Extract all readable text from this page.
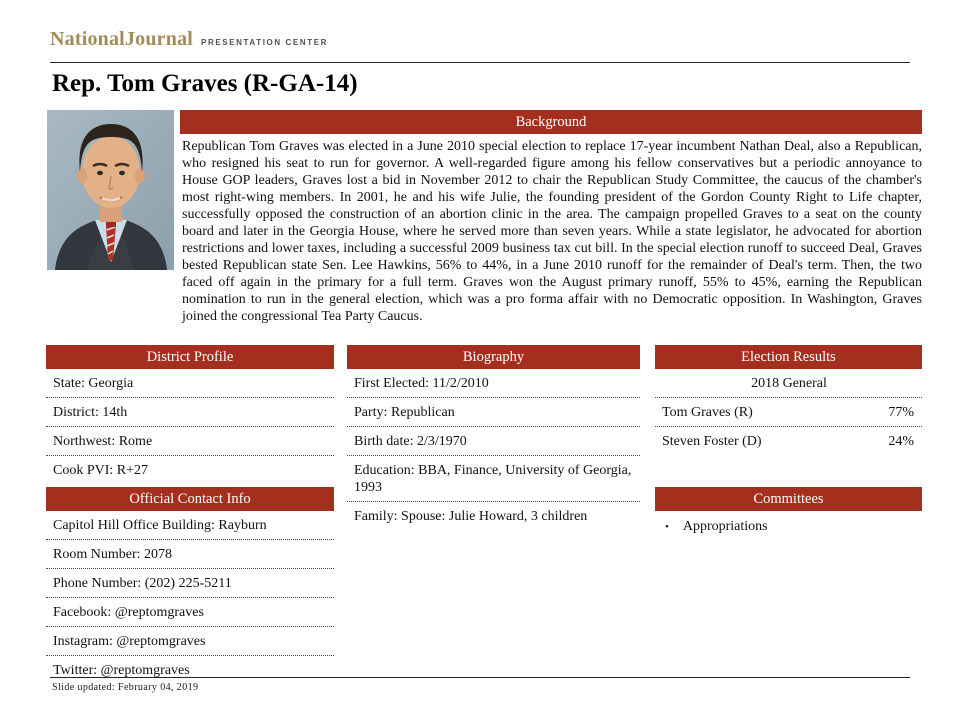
NationalJournal PRESENTATION CENTER
Rep. Tom Graves (R-GA-14)
Background

Republican Tom Graves was elected in a June 2010 special election to replace 17-year incumbent Nathan Deal, also a Republican, who resigned his seat to run for governor. A well-regarded figure among his fellow conservatives but a periodic annoyance to House GOP leaders, Graves lost a bid in November 2012 to chair the Republican Study Committee, the caucus of the chamber's most right-wing members. In 2001, he and his wife Julie, the founding president of the Gordon County Right to Life chapter, successfully opposed the construction of an abortion clinic in the area. The campaign propelled Graves to a seat on the county board and later in the Georgia House, where he served more than seven years. While a state legislator, he advocated for abortion restrictions and lower taxes, including a successful 2009 business tax cut bill. In the special election runoff to succeed Deal, Graves bested Republican state Sen. Lee Hawkins, 56% to 44%, in a June 2010 runoff for the remainder of Deal's term. Then, the two faced off again in the primary for a full term. Graves won the August primary runoff, 55% to 45%, earning the Republican nomination to run in the general election, which was a pro forma affair with no Democratic opposition. In Washington, Graves joined the congressional Tea Party Caucus.

District Profile
State: Georgia
District: 14th
Northwest: Rome
Cook PVI: R+27
Biography
First Elected: 11/2/2010
Party: Republican
Birth date: 2/3/1970
Education: BBA, Finance, University of Georgia, 1993
Family: Spouse: Julie Howard, 3 children
Election Results
2018 General
Tom Graves (R)	77%
Steven Foster (D)	24%
Official Contact Info
Capitol Hill Office Building: Rayburn
Room Number: 2078
Phone Number: (202) 225-5211
Facebook: @reptomgraves
Instagram: @reptomgraves
Twitter: @reptomgraves
Committees
• Appropriations
Slide updated: February 04, 2019
